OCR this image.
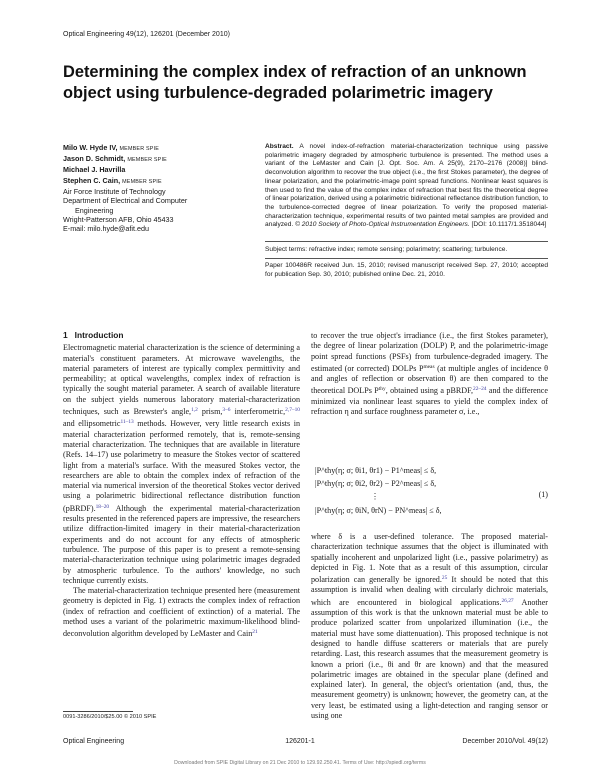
Optical Engineering 49(12), 126201 (December 2010)
Determining the complex index of refraction of an unknown object using turbulence-degraded polarimetric imagery
Milo W. Hyde IV, MEMBER SPIE
Jason D. Schmidt, MEMBER SPIE
Michael J. Havrilla
Stephen C. Cain, MEMBER SPIE
Air Force Institute of Technology
Department of Electrical and Computer
Engineering
Wright-Patterson AFB, Ohio 45433
E-mail: milo.hyde@afit.edu
Abstract. A novel index-of-refraction material-characterization technique using passive polarimetric imagery degraded by atmospheric turbulence is presented. The method uses a variant of the LeMaster and Cain [J. Opt. Soc. Am. A 25(9), 2170–2176 (2008)] blind-deconvolution algorithm to recover the true object (i.e., the first Stokes parameter), the degree of linear polarization, and the polarimetric-image point spread functions. Nonlinear least squares is then used to find the value of the complex index of refraction that best fits the theoretical degree of linear polarization, derived using a polarimetric bidirectional reflectance distribution function, to the turbulence-corrected degree of linear polarization. To verify the proposed material-characterization technique, experimental results of two painted metal samples are provided and analyzed. © 2010 Society of Photo-Optical Instrumentation Engineers. [DOI: 10.1117/1.3518044]
Subject terms: refractive index; remote sensing; polarimetry; scattering; turbulence.
Paper 100486R received Jun. 15, 2010; revised manuscript received Sep. 27, 2010; accepted for publication Sep. 30, 2010; published online Dec. 21, 2010.
1 Introduction

Electromagnetic material characterization is the science of determining a material's constituent parameters. At microwave wavelengths, the material parameters of interest are typically complex permittivity and permeability; at optical wavelengths, complex index of refraction is typically the sought material parameter. A search of available literature on the subject yields numerous laboratory material-characterization techniques, such as Brewster's angle,$^{1,2}$ prism,$^{3-6}$ interferometric,$^{2,7-10}$ and ellipsometric$^{11-13}$ methods. However, very little research exists in material characterization performed remotely, that is, remote-sensing material characterization. The techniques that are available in literature (Refs. 14–17) use polarimetry to measure the Stokes vector of scattered light from a material's surface. With the measured Stokes vector, the researchers are able to obtain the complex index of refraction of the material via numerical inversion of the theoretical Stokes vector derived using a polarimetric bidirectional reflectance distribution function (pBRDF).$^{18-20}$ Although the experimental material-characterization results presented in the referenced papers are impressive, the researchers utilize diffraction-limited imagery in their material-characterization experiments and do not account for any effects of atmospheric turbulence. The purpose of this paper is to present a remote-sensing material-characterization technique using polarimetric images degraded by atmospheric turbulence. To the authors' knowledge, no such technique currently exists.

The material-characterization technique presented here (measurement geometry is depicted in Fig. 1) extracts the complex index of refraction (index of refraction and coefficient of extinction) of a material. The method uses a variant of the polarimetric maximum-likelihood blind-deconvolution algorithm developed by LeMaster and Cain$^{21}$

to recover the true object's irradiance (i.e., the first Stokes parameter), the degree of linear polarization (DOLP) P, and the polarimetric-image point spread functions (PSFs) from turbulence-degraded imagery. The estimated (or corrected) DOLPs $P^{meas}$ (at multiple angles of incidence θ and angles of reflection or observation θ) are then compared to the theoretical DOLPs $P^{thy}$, obtained using a pBRDF,$^{22-24}$ and the difference minimized via nonlinear least squares to yield the complex index of refraction η and surface roughness parameter σ, i.e.,

|P^thy(η; σ; θi1, θr1) − P1^meas| ≤ δ,
|P^thy(η; σ; θi2, θr2) − P2^meas| ≤ δ,
⋮
|P^thy(η; σ; θiN, θrN) − PN^meas| ≤ δ,
(1)

where δ is a user-defined tolerance. The proposed material-characterization technique assumes that the object is illuminated with spatially incoherent and unpolarized light (i.e., passive polarimetry) as depicted in Fig. 1. Note that as a result of this assumption, circular polarization can generally be ignored.$^{25}$ It should be noted that this assumption is invalid when dealing with circularly dichroic materials, which are encountered in biological applications.$^{26,27}$ Another assumption of this work is that the unknown material must be able to produce polarized scatter from unpolarized illumination (i.e., the material must have some diattenuation). This proposed technique is not designed to handle diffuse scatterers or materials that are purely retarding. Last, this research assumes that the measurement geometry is known a priori (i.e., θi and θr are known) and that the measured polarimetric images are obtained in the specular plane (defined and explained later). In general, the object's orientation (and, thus, the measurement geometry) is unknown; however, the geometry can, at the very least, be estimated using a light-detection and ranging sensor or using one

0091-3286/2010/$25.00 © 2010 SPIE
Optical Engineering	126201-1	December 2010/Vol. 49(12)
Downloaded from SPIE Digital Library on 21 Dec 2010 to 129.92.250.41. Terms of Use: http://spiedl.org/terms
